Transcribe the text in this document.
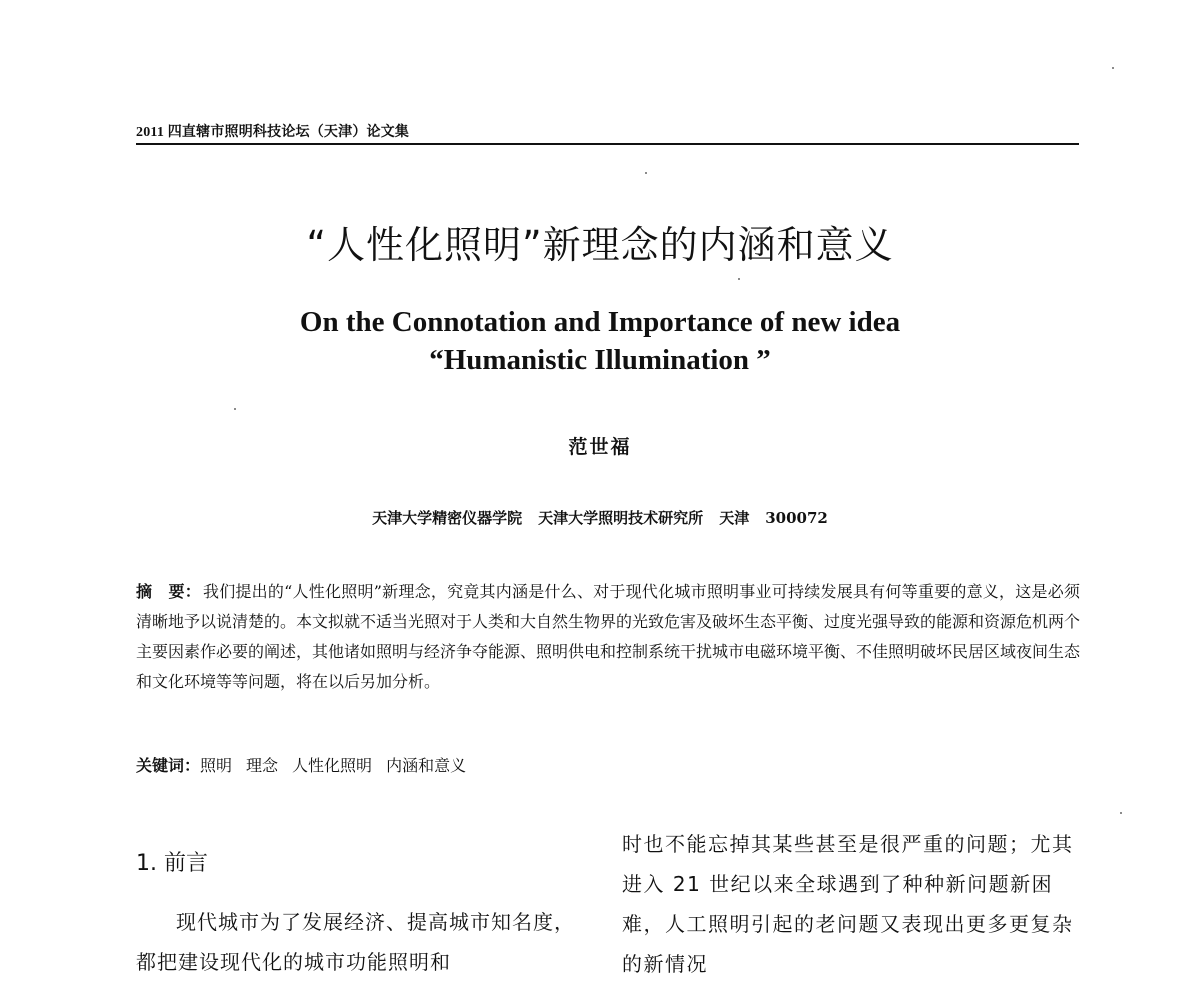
2011 四直辖市照明科技论坛（天津）论文集
“人性化照明”新理念的内涵和意义
On the Connotation and Importance of new idea
“Humanistic Illumination ”
范世福
天津大学精密仪器学院 天津大学照明技术研究所 天津 300072

摘　要： 我们提出的“人性化照明”新理念，究竟其内涵是什么、对于现代化城市照明事业可持续发展具有何等重要的意义，这是必须清晰地予以说清楚的。本文拟就不适当光照对于人类和大自然生物界的光致危害及破坏生态平衡、过度光强导致的能源和资源危机两个主要因素作必要的阐述，其他诸如照明与经济争夺能源、照明供电和控制系统干扰城市电磁环境平衡、不佳照明破坏民居区域夜间生态和文化环境等等问题，将在以后另加分析。

关键词：照明 理念 人性化照明 内涵和意义
1. 前言

现代城市为了发展经济、提高城市知名度，都把建设现代化的城市功能照明和

时也不能忘掉其某些甚至是很严重的问题；尤其进入 21 世纪以来全球遇到了种种新问题新困难，人工照明引起的老问题又表现出更多更复杂的新情况
